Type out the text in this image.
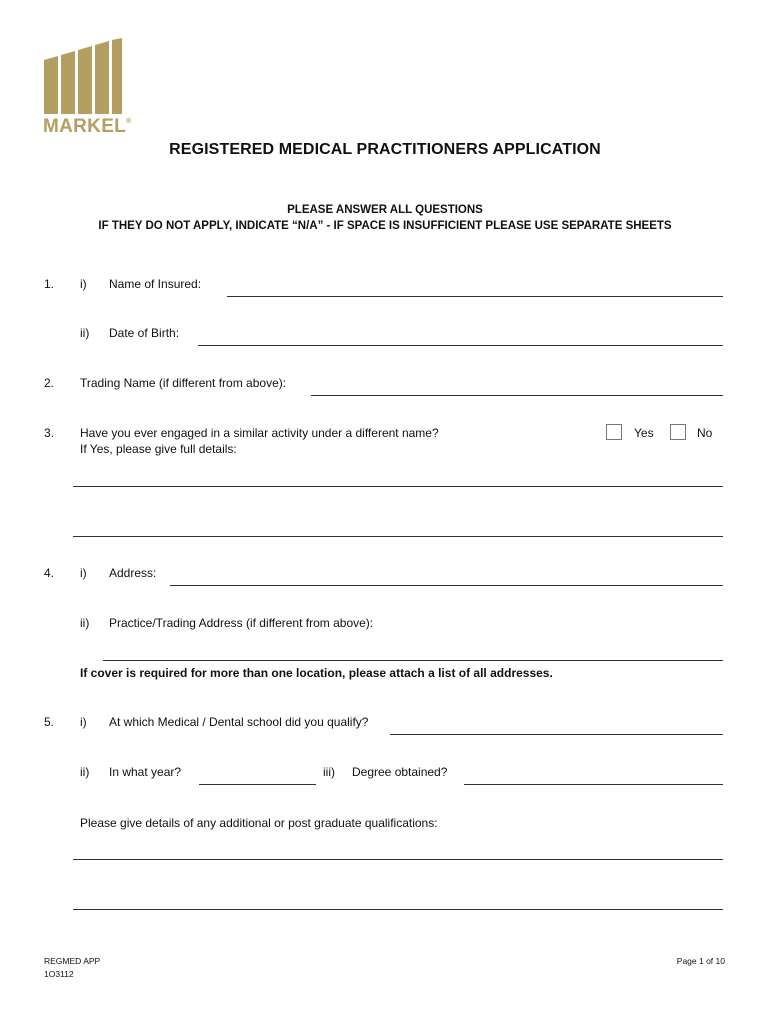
MARKEL®
REGISTERED MEDICAL PRACTITIONERS APPLICATION
PLEASE ANSWER ALL QUESTIONS
IF THEY DO NOT APPLY, INDICATE “N/A” - IF SPACE IS INSUFFICIENT PLEASE USE SEPARATE SHEETS
1. i) Name of Insured:
ii) Date of Birth:
2. Trading Name (if different from above):
3. Have you ever engaged in a similar activity under a different name?
If Yes, please give full details:
Yes	No
4. i) Address:
ii) Practice/Trading Address (if different from above):
If cover is required for more than one location, please attach a list of all addresses.
5. i) At which Medical / Dental school did you qualify?
ii) In what year?	iii) Degree obtained?
Please give details of any additional or post graduate qualifications:
REGMED APP
1O3112
Page 1 of 10
